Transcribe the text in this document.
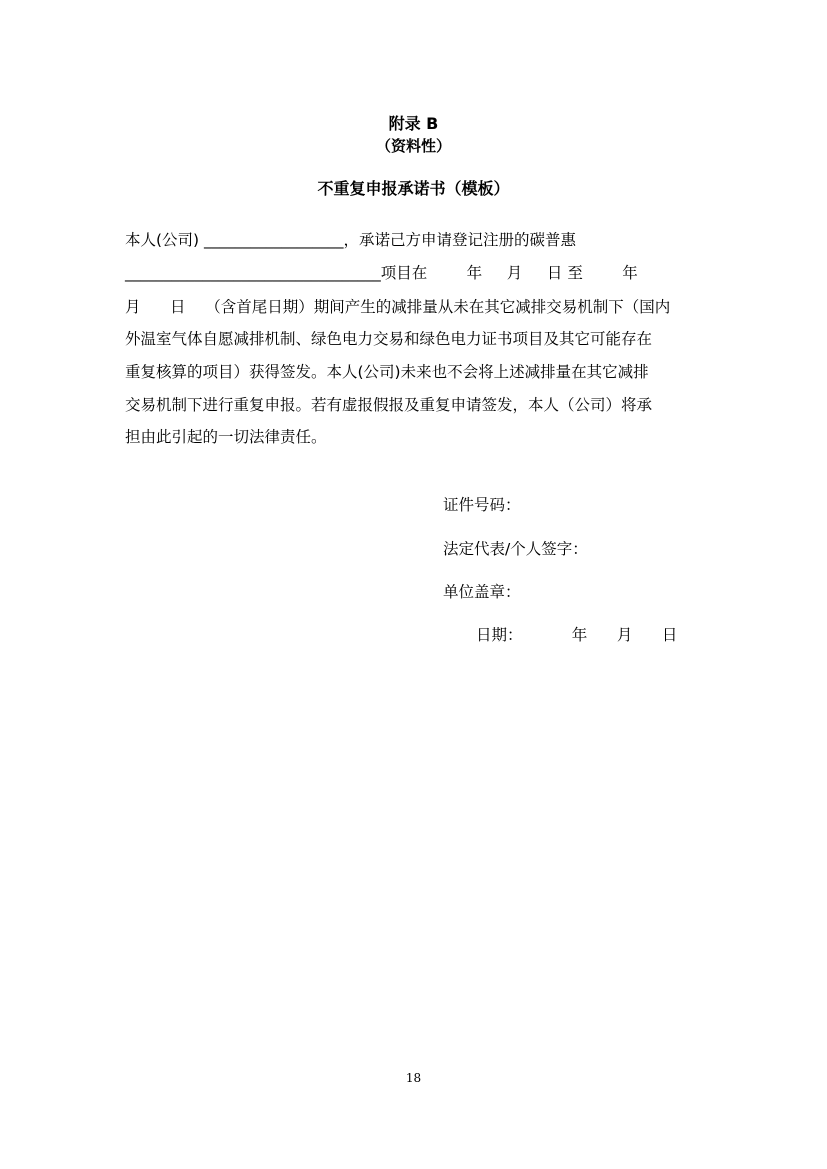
附录 B
（资料性）
不重复申报承诺书（模板）
本人(公司) __________________，承诺己方申请登记注册的碳普惠
_________________________________项目在        年     月     日 至        年
月      日    （含首尾日期）期间产生的减排量从未在其它减排交易机制下（国内
外温室气体自愿减排机制、绿色电力交易和绿色电力证书项目及其它可能存在
重复核算的项目）获得签发。本人(公司)未来也不会将上述减排量在其它减排
交易机制下进行重复申报。若有虚报假报及重复申请签发，本人（公司）将承
担由此引起的一切法律责任。
证件号码：
法定代表/个人签字：
单位盖章：
日期：          年      月      日
18
